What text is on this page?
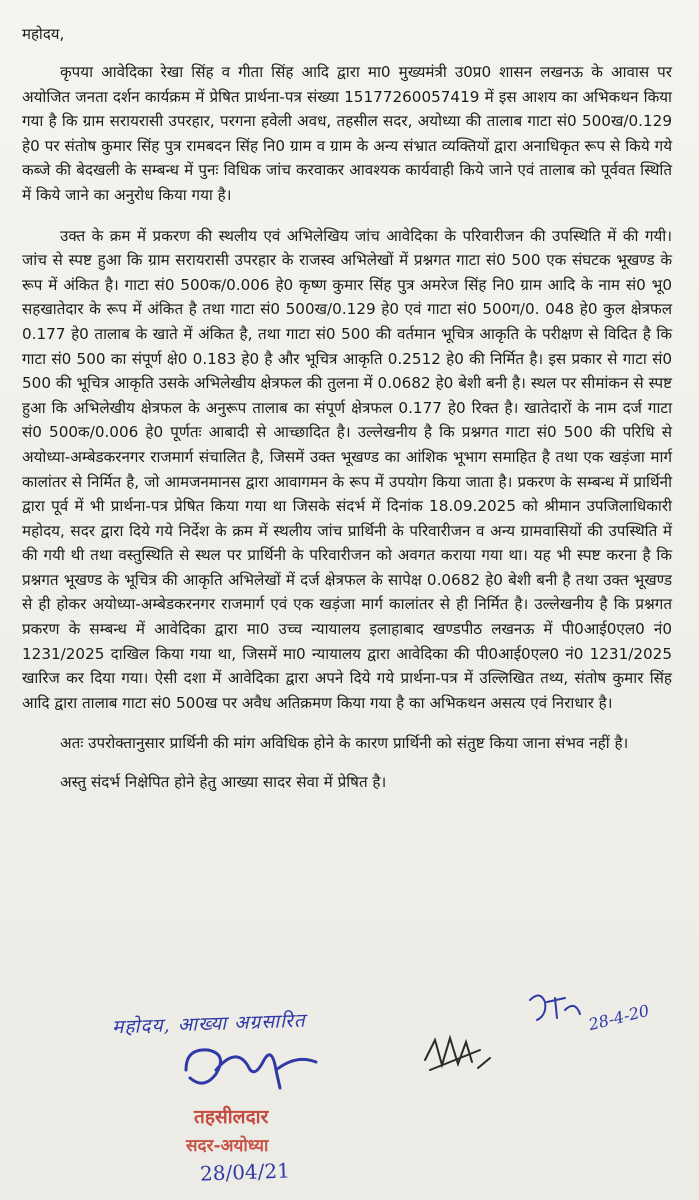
महोदय,

कृपया आवेदिका रेखा सिंह व गीता सिंह आदि द्वारा मा0 मुख्यमंत्री उ0प्र0 शासन लखनऊ के आवास पर अयोजित जनता दर्शन कार्यक्रम में प्रेषित प्रार्थना-पत्र संख्या 15177260057419 में इस आशय का अभिकथन किया गया है कि ग्राम सरायरासी उपरहार, परगना हवेली अवध, तहसील सदर, अयोध्या की तालाब गाटा सं0 500ख/0.129 हे0 पर संतोष कुमार सिंह पुत्र रामबदन सिंह नि0 ग्राम व ग्राम के अन्य संभ्रात व्यक्तियों द्वारा अनाधिकृत रूप से किये गये कब्जे की बेदखली के सम्बन्ध में पुनः विधिक जांच करवाकर आवश्यक कार्यवाही किये जाने एवं तालाब को पूर्ववत स्थिति में किये जाने का अनुरोध किया गया है।

उक्त के क्रम में प्रकरण की स्थलीय एवं अभिलेखिय जांच आवेदिका के परिवारीजन की उपस्थिति में की गयी। जांच से स्पष्ट हुआ कि ग्राम सरायरासी उपरहार के राजस्व अभिलेखों में प्रश्नगत गाटा सं0 500 एक संघटक भूखण्ड के रूप में अंकित है। गाटा सं0 500क/0.006 हे0 कृष्ण कुमार सिंह पुत्र अमरेज सिंह नि0 ग्राम आदि के नाम सं0 भू0 सहखातेदार के रूप में अंकित है तथा गाटा सं0 500ख/0.129 हे0 एवं गाटा सं0 500ग/0. 048 हे0 कुल क्षेत्रफल 0.177 हे0 तालाब के खाते में अंकित है, तथा गाटा सं0 500 की वर्तमान भूचित्र आकृति के परीक्षण से विदित है कि गाटा सं0 500 का संपूर्ण क्षे0 0.183 हे0 है और भूचित्र आकृति 0.2512 हे0 की निर्मित है। इस प्रकार से गाटा सं0 500 की भूचित्र आकृति उसके अभिलेखीय क्षेत्रफल की तुलना में 0.0682 हे0 बेशी बनी है। स्थल पर सीमांकन से स्पष्ट हुआ कि अभिलेखीय क्षेत्रफल के अनुरूप तालाब का संपूर्ण क्षेत्रफल 0.177 हे0 रिक्त है। खातेदारों के नाम दर्ज गाटा सं0 500क/0.006 हे0 पूर्णतः आबादी से आच्छादित है। उल्लेखनीय है कि प्रश्नगत गाटा सं0 500 की परिधि से अयोध्या-अम्बेडकरनगर राजमार्ग संचालित है, जिसमें उक्त भूखण्ड का आंशिक भूभाग समाहित है तथा एक खड़ंजा मार्ग कालांतर से निर्मित है, जो आमजनमानस द्वारा आवागमन के रूप में उपयोग किया जाता है। प्रकरण के सम्बन्ध में प्रार्थिनी द्वारा पूर्व में भी प्रार्थना-पत्र प्रेषित किया गया था जिसके संदर्भ में दिनांक 18.09.2025 को श्रीमान उपजिलाधिकारी महोदय, सदर द्वारा दिये गये निर्देश के क्रम में स्थलीय जांच प्रार्थिनी के परिवारीजन व अन्य ग्रामवासियों की उपस्थिति में की गयी थी तथा वस्तुस्थिति से स्थल पर प्रार्थिनी के परिवारीजन को अवगत कराया गया था। यह भी स्पष्ट करना है कि प्रश्नगत भूखण्ड के भूचित्र की आकृति अभिलेखों में दर्ज क्षेत्रफल के सापेक्ष 0.0682 हे0 बेशी बनी है तथा उक्त भूखण्ड से ही होकर अयोध्या-अम्बेडकरनगर राजमार्ग एवं एक खड़ंजा मार्ग कालांतर से ही निर्मित है। उल्लेखनीय है कि प्रश्नगत प्रकरण के सम्बन्ध में आवेदिका द्वारा मा0 उच्च न्यायालय इलाहाबाद खण्डपीठ लखनऊ में पी0आई0एल0 नं0 1231/2025 दाखिल किया गया था, जिसमें मा0 न्यायालय द्वारा आवेदिका की पी0आई0एल0 नं0 1231/2025 खारिज कर दिया गया। ऐसी दशा में आवेदिका द्वारा अपने दिये गये प्रार्थना-पत्र में उल्लिखित तथ्य, संतोष कुमार सिंह आदि द्वारा तालाब गाटा सं0 500ख पर अवैध अतिक्रमण किया गया है का अभिकथन असत्य एवं निराधार है।

अतः उपरोक्तानुसार प्रार्थिनी की मांग अविधिक होने के कारण प्रार्थिनी को संतुष्ट किया जाना संभव नहीं है।

अस्तु संदर्भ निक्षेपित होने हेतु आख्या सादर सेवा में प्रेषित है।

महोदय, आख्या अग्रसारित	28-4-20
तहसीलदार
सदर-अयोध्या
28/04/21
